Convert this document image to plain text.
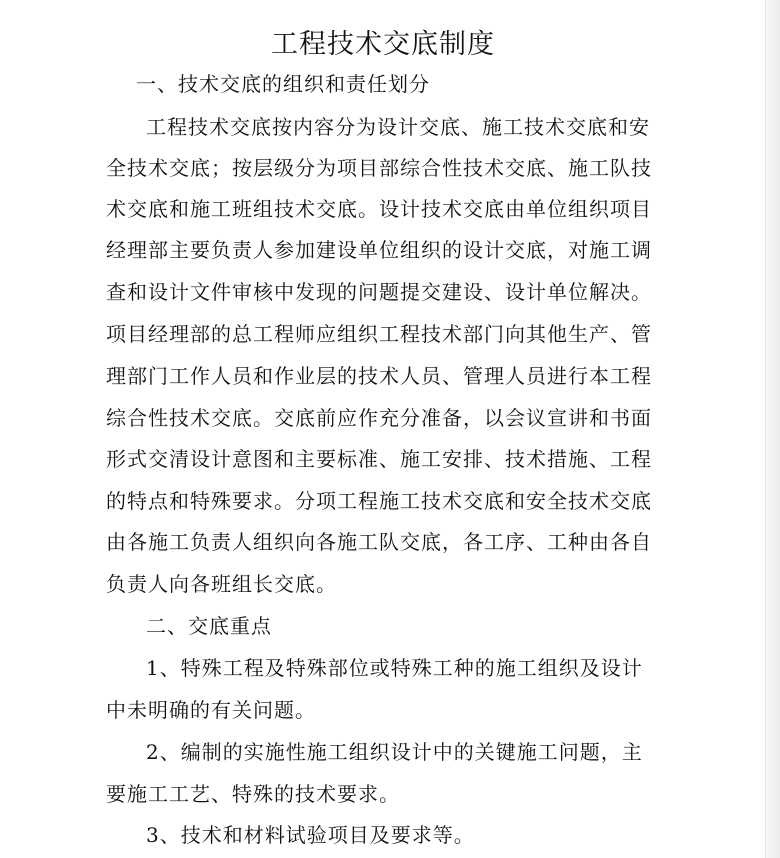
工程技术交底制度
一、技术交底的组织和责任划分
工程技术交底按内容分为设计交底、施工技术交底和安
全技术交底；按层级分为项目部综合性技术交底、施工队技
术交底和施工班组技术交底。设计技术交底由单位组织项目
经理部主要负责人参加建设单位组织的设计交底，对施工调
查和设计文件审核中发现的问题提交建设、设计单位解决。
项目经理部的总工程师应组织工程技术部门向其他生产、管
理部门工作人员和作业层的技术人员、管理人员进行本工程
综合性技术交底。交底前应作充分准备，以会议宣讲和书面
形式交清设计意图和主要标准、施工安排、技术措施、工程
的特点和特殊要求。分项工程施工技术交底和安全技术交底
由各施工负责人组织向各施工队交底，各工序、工种由各自
负责人向各班组长交底。
二、交底重点
1、特殊工程及特殊部位或特殊工种的施工组织及设计
中未明确的有关问题。
2、编制的实施性施工组织设计中的关键施工问题，主
要施工工艺、特殊的技术要求。
3、技术和材料试验项目及要求等。
